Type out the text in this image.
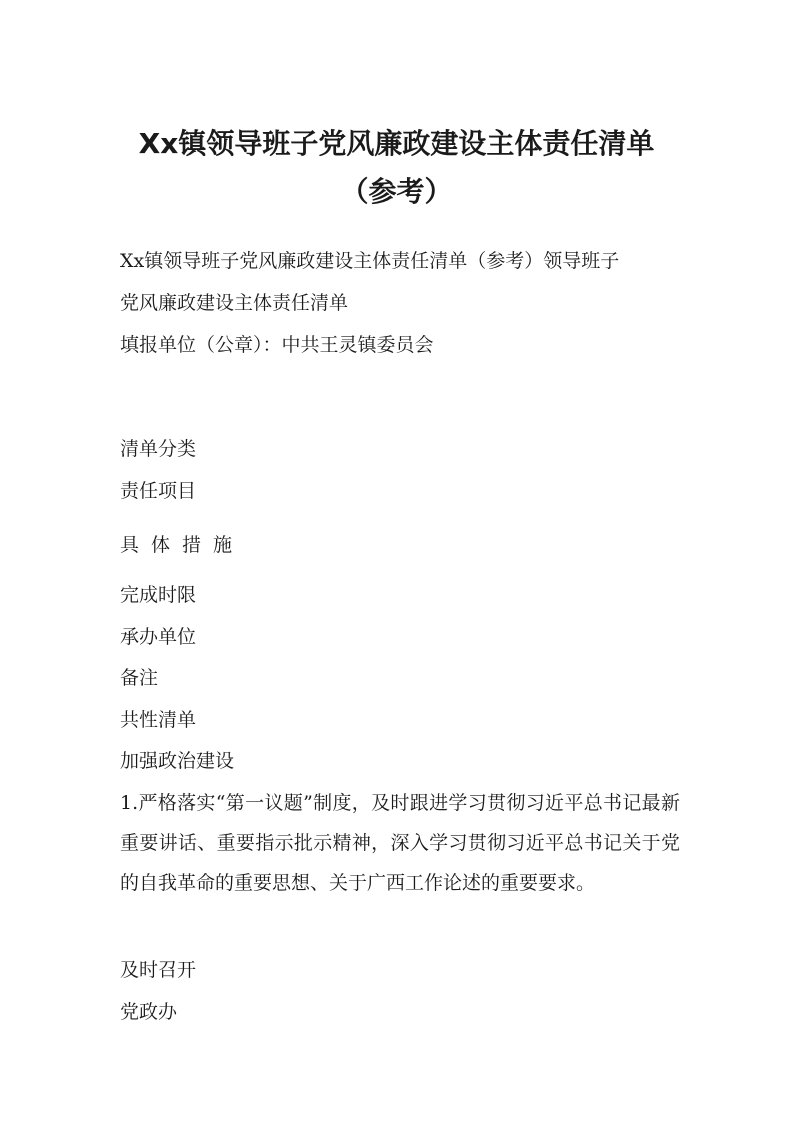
Xx镇领导班子党风廉政建设主体责任清单
（参考）

Xx镇领导班子党风廉政建设主体责任清单（参考）领导班子

党风廉政建设主体责任清单

填报单位（公章）：中共王灵镇委员会

清单分类

责任项目

具体措施

完成时限

承办单位

备注

共性清单

加强政治建设

1.严格落实“第一议题”制度，及时跟进学习贯彻习近平总书记最新重要讲话、重要指示批示精神，深入学习贯彻习近平总书记关于党的自我革命的重要思想、关于广西工作论述的重要要求。

及时召开

党政办
